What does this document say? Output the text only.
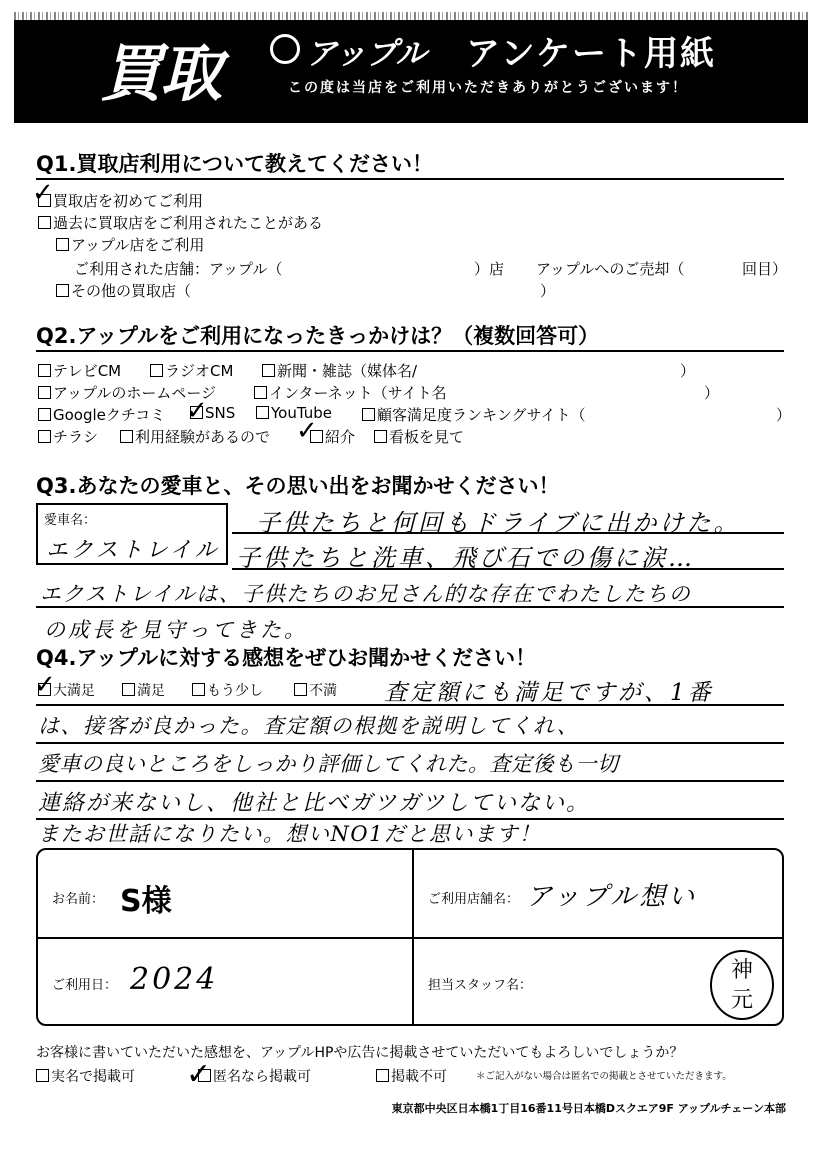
買取	アップル アンケート用紙
この度は当店をご利用いただきありがとうございます！
Q1.買取店利用について教えてください！
買取店を初めてご利用
✓
過去に買取店をご利用されたことがある
アップル店をご利用
ご利用された店舗：アップル（	）店 アップルへのご売却（	回目）
その他の買取店（	）
Q2.アップルをご利用になったきっかけは？（複数回答可）
テレビCM	ラジオCM	新聞・雑誌（媒体名/	）
アップルのホームページ	インターネット（サイト名	）
Googleクチコミ	SNS
✓	YouTube	顧客満足度ランキングサイト（	）
チラシ	利用経験があるので	紹介
✓	看板を見て
Q3.あなたの愛車と、その思い出をお聞かせください！
愛車名：
エクストレイル
子供たちと何回もドライブに出かけた。
子供たちと洗車、飛び石での傷に涙…
エクストレイルは、子供たちのお兄さん的な存在でわたしたちの
の成長を見守ってきた。
Q4.アップルに対する感想をぜひお聞かせください！
大満足
✓	満足	もう少し	不満 査定額にも満足ですが、1番
は、接客が良かった。査定額の根拠を説明してくれ、
愛車の良いところをしっかり評価してくれた。査定後も一切
連絡が来ないし、他社と比べガツガツしていない。
またお世話になりたい。想いNO1だと思います！
お名前： S様	ご利用店舗名： アップル想い
ご利用日： 2024	担当スタッフ名：
神
元
お客様に書いていただいた感想を、アップルHPや広告に掲載させていただいてもよろしいでしょうか？
実名で掲載可	匿名なら掲載可
✓	掲載不可	＊ご記入がない場合は匿名での掲載とさせていただきます。
東京都中央区日本橋1丁目16番11号日本橋Dスクエア9F アップルチェーン本部
